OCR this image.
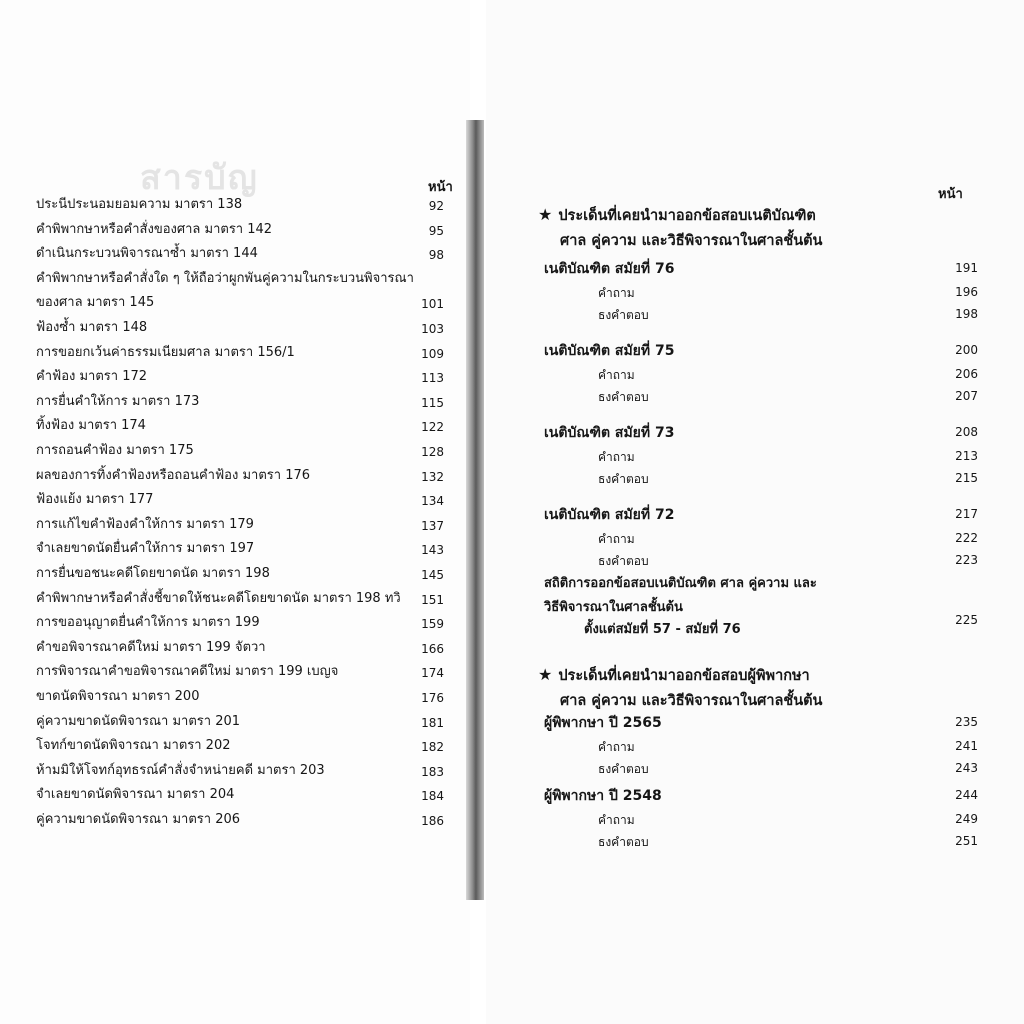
สารบัญ	หน้า
ประนีประนอมยอมความ มาตรา 138	92
คำพิพากษาหรือคำสั่งของศาล มาตรา 142	95
ดำเนินกระบวนพิจารณาซ้ำ มาตรา 144	98
คำพิพากษาหรือคำสั่งใด ๆ ให้ถือว่าผูกพันคู่ความในกระบวนพิจารณา
ของศาล มาตรา 145	101
ฟ้องซ้ำ มาตรา 148	103
การขอยกเว้นค่าธรรมเนียมศาล มาตรา 156/1	109
คำฟ้อง มาตรา 172	113
การยื่นคำให้การ มาตรา 173	115
ทิ้งฟ้อง มาตรา 174	122
การถอนคำฟ้อง มาตรา 175	128
ผลของการทิ้งคำฟ้องหรือถอนคำฟ้อง มาตรา 176	132
ฟ้องแย้ง มาตรา 177	134
การแก้ไขคำฟ้องคำให้การ มาตรา 179	137
จำเลยขาดนัดยื่นคำให้การ มาตรา 197	143
การยื่นขอชนะคดีโดยขาดนัด มาตรา 198	145
คำพิพากษาหรือคำสั่งชี้ขาดให้ชนะคดีโดยขาดนัด มาตรา 198 ทวิ	151
การขออนุญาตยื่นคำให้การ มาตรา 199	159
คำขอพิจารณาคดีใหม่ มาตรา 199 จัตวา	166
การพิจารณาคำขอพิจารณาคดีใหม่ มาตรา 199 เบญจ	174
ขาดนัดพิจารณา มาตรา 200	176
คู่ความขาดนัดพิจารณา มาตรา 201	181
โจทก์ขาดนัดพิจารณา มาตรา 202	182
ห้ามมิให้โจทก์อุทธรณ์คำสั่งจำหน่ายคดี มาตรา 203	183
จำเลยขาดนัดพิจารณา มาตรา 204	184
คู่ความขาดนัดพิจารณา มาตรา 206	186
หน้า
★ ประเด็นที่เคยนำมาออกข้อสอบเนติบัณฑิต
ศาล คู่ความ และวิธีพิจารณาในศาลชั้นต้น
เนติบัณฑิต สมัยที่ 76	191
คำถาม	196
ธงคำตอบ	198
เนติบัณฑิต สมัยที่ 75	200
คำถาม	206
ธงคำตอบ	207
เนติบัณฑิต สมัยที่ 73	208
คำถาม	213
ธงคำตอบ	215
เนติบัณฑิต สมัยที่ 72	217
คำถาม	222
ธงคำตอบ	223
สถิติการออกข้อสอบเนติบัณฑิต ศาล คู่ความ และ
วิธีพิจารณาในศาลชั้นต้น
ตั้งแต่สมัยที่ 57 - สมัยที่ 76
225
★ ประเด็นที่เคยนำมาออกข้อสอบผู้พิพากษา
ศาล คู่ความ และวิธีพิจารณาในศาลชั้นต้น
ผู้พิพากษา ปี 2565	235
คำถาม	241
ธงคำตอบ	243
ผู้พิพากษา ปี 2548	244
คำถาม	249
ธงคำตอบ	251
